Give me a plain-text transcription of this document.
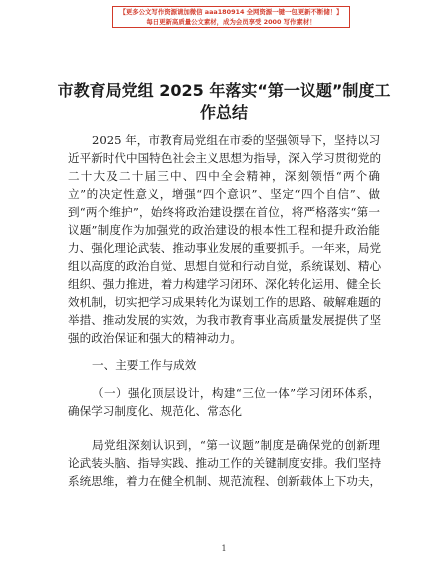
【更多公文写作资源请加微信 aaa180914 全网资源一键一包更新不断储！】
每日更新高质量公文素材，成为会员享受 2000 写作素材！
市教育局党组 2025 年落实“第一议题”制度工
作总结
2025 年，市教育局党组在市委的坚强领导下，坚持以习
近平新时代中国特色社会主义思想为指导，深入学习贯彻党的
二十大及二十届三中、四中全会精神，深刻领悟“两个确
立”的决定性意义，增强“四个意识”、坚定“四个自信”、做
到“两个维护”，始终将政治建设摆在首位，将严格落实“第一
议题”制度作为加强党的政治建设的根本性工程和提升政治能
力、强化理论武装、推动事业发展的重要抓手。一年来，局党
组以高度的政治自觉、思想自觉和行动自觉，系统谋划、精心
组织、强力推进，着力构建学习闭环、深化转化运用、健全长
效机制，切实把学习成果转化为谋划工作的思路、破解难题的
举措、推动发展的实效，为我市教育事业高质量发展提供了坚
强的政治保证和强大的精神动力。
一、主要工作与成效
（一）强化顶层设计，构建“三位一体”学习闭环体系，
确保学习制度化、规范化、常态化
局党组深刻认识到，“第一议题”制度是确保党的创新理
论武装头脑、指导实践、推动工作的关键制度安排。我们坚持
系统思维，着力在健全机制、规范流程、创新载体上下功夫，
1
